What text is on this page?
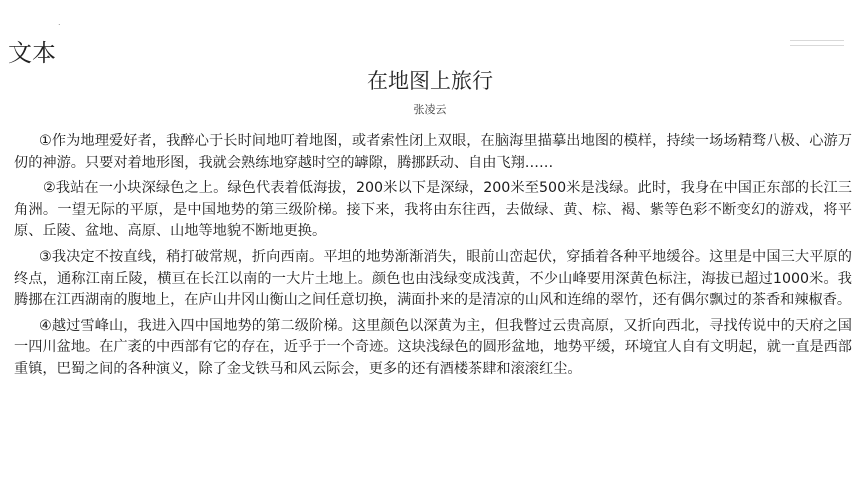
.
文本
在地图上旅行
张凌云

①作为地理爱好者，我醉心于长时间地叮着地图，或者索性闭上双眼，在脑海里描摹出地图的模样，持续一场场精骛八极、心游万仞的神游。只要对着地形图，我就会熟练地穿越时空的罅隙，腾挪跃动、自由飞翔……

②我站在一小块深绿色之上。绿色代表着低海拔，200米以下是深绿，200米至500米是浅绿。此时，我身在中国正东部的长江三角洲。一望无际的平原，是中国地势的第三级阶梯。接下来，我将由东往西，去做绿、黄、棕、褐、紫等色彩不断变幻的游戏，将平原、丘陵、盆地、高原、山地等地貌不断地更换。

③我决定不按直线，稍打破常规，折向西南。平坦的地势渐渐消失，眼前山峦起伏，穿插着各种平地缓谷。这里是中国三大平原的终点，通称江南丘陵，横亘在长江以南的一大片土地上。颜色也由浅绿变成浅黄，不少山峰要用深黄色标注，海拔已超过1000米。我腾挪在江西湖南的腹地上，在庐山井冈山衡山之间任意切换，满面扑来的是清凉的山风和连绵的翠竹，还有偶尔飘过的茶香和辣椒香。

④越过雪峰山，我进入四中国地势的第二级阶梯。这里颜色以深黄为主，但我瞥过云贵高原，又折向西北，寻找传说中的天府之国一四川盆地。在广袤的中西部有它的存在，近乎于一个奇迹。这块浅绿色的圆形盆地，地势平缓，环境宜人自有文明起，就一直是西部重镇，巴蜀之间的各种演义，除了金戈铁马和风云际会，更多的还有酒楼茶肆和滚滚红尘。
